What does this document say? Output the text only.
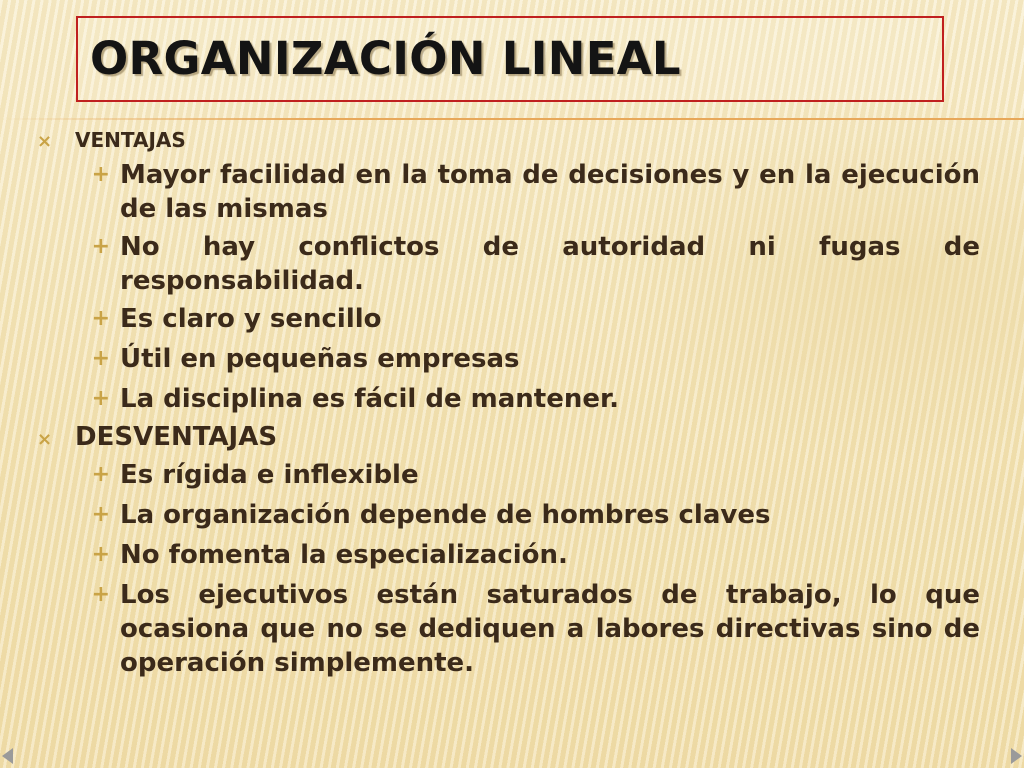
ORGANIZACIÓN LINEAL
×	VENTAJAS
+ Mayor facilidad en la toma de decisiones y en la ejecución de las mismas
+ No hay conflictos de autoridad ni fugas de responsabilidad.
+ Es claro y sencillo
+ Útil en pequeñas empresas
+ La disciplina es fácil de mantener.
× DESVENTAJAS
+ Es rígida e inflexible
+ La organización depende de hombres claves
+ No fomenta la especialización.
+ Los ejecutivos están saturados de trabajo, lo que ocasiona que no se dediquen a labores directivas sino de operación simplemente.
